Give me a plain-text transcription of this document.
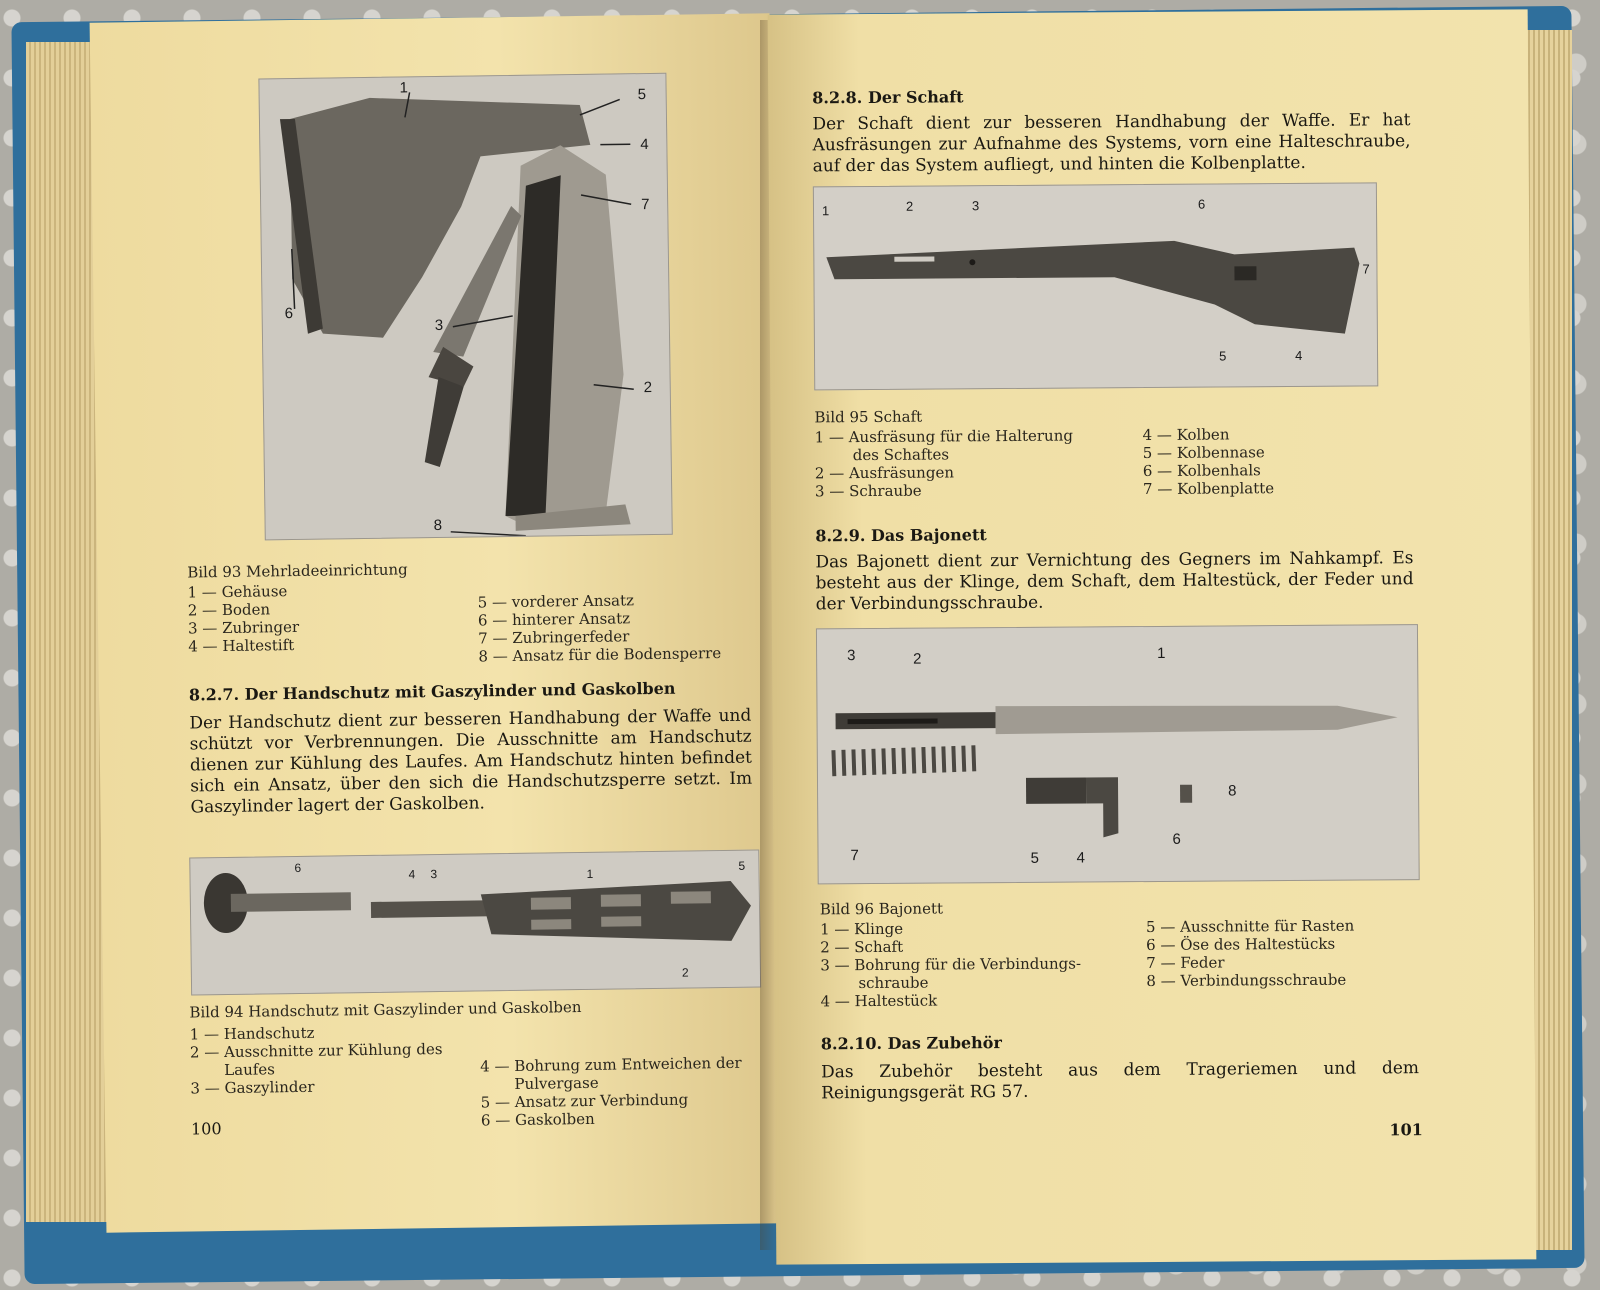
1	5
4
7
6
3
2
8
Bild 93 Mehrladeeinrichtung
1 — Gehäuse
2 — Boden
3 — Zubringer
4 — Haltestift
5 — vorderer Ansatz
6 — hinterer Ansatz
7 — Zubringerfeder
8 — Ansatz für die Bodensperre
8.2.7. Der Handschutz mit Gaszylinder und Gaskolben
Der Handschutz dient zur besseren Handhabung der Waffe und schützt vor Verbrennungen. Die Ausschnitte am Handschutz dienen zur Kühlung des Laufes. Am Handschutz hinten befindet sich ein Ansatz, über den sich die Handschutzsperre setzt. Im Gaszylinder lagert der Gaskolben.
6	4 3	1
5
2
Bild 94 Handschutz mit Gaszylinder und Gaskolben
1 — Handschutz
2 — Ausschnitte zur Kühlung des
Laufes
3 — Gaszylinder
4 — Bohrung zum Entweichen der
Pulvergase
5 — Ansatz zur Verbindung
6 — Gaskolben
100
8.2.8. Der Schaft
Der Schaft dient zur besseren Handhabung der Waffe. Er hat Ausfräsungen zur Aufnahme des Systems, vorn eine Halteschraube, auf der das System aufliegt, und hinten die Kolbenplatte.
1	2	3	6
7
5	4
Bild 95 Schaft
1 — Ausfräsung für die Halterung
des Schaftes
2 — Ausfräsungen
3 — Schraube
4 — Kolben
5 — Kolbennase
6 — Kolbenhals
7 — Kolbenplatte
8.2.9. Das Bajonett
Das Bajonett dient zur Vernichtung des Gegners im Nahkampf. Es besteht aus der Klinge, dem Schaft, dem Haltestück, der Feder und der Verbindungsschraube.
3	2	1
8
7	5	4
6
Bild 96 Bajonett
1 — Klinge
2 — Schaft
3 — Bohrung für die Verbindungs-
schraube
4 — Haltestück
5 — Ausschnitte für Rasten
6 — Öse des Haltestücks
7 — Feder
8 — Verbindungsschraube
8.2.10. Das Zubehör
Das Zubehör besteht aus dem Trageriemen und dem Reinigungsgerät RG 57.
101
